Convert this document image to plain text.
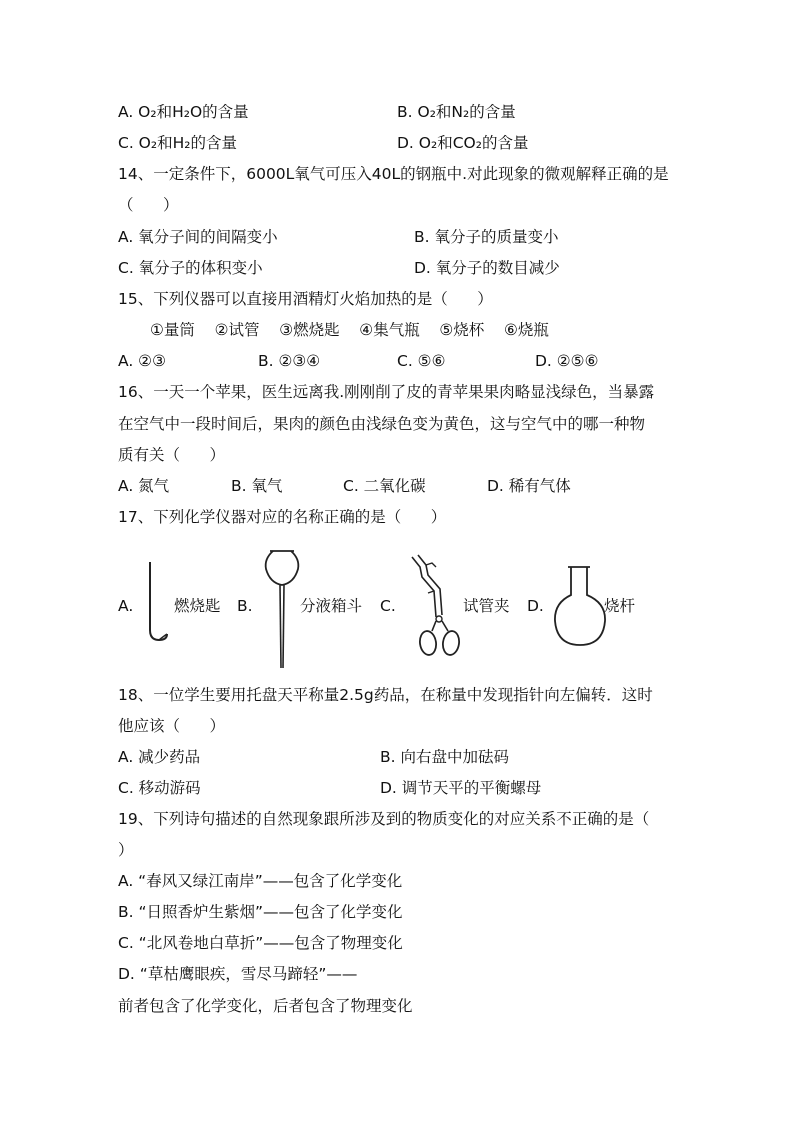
A. O₂和H₂O的含量	B. O₂和N₂的含量
C. O₂和H₂的含量	D. O₂和CO₂的含量
14、一定条件下，6000L氧气可压入40L的钢瓶中.对此现象的微观解释正确的是
（      ）
A. 氧分子间的间隔变小	B. 氧分子的质量变小
C. 氧分子的体积变小	D. 氧分子的数目减少
15、下列仪器可以直接用酒精灯火焰加热的是（      ）
①量筒    ②试管    ③燃烧匙    ④集气瓶    ⑤烧杯    ⑥烧瓶
A. ②③	B. ②③④	C. ⑤⑥	D. ②⑤⑥
16、一天一个苹果，医生远离我.刚刚削了皮的青苹果果肉略显浅绿色，当暴露
在空气中一段时间后，果肉的颜色由浅绿色变为黄色，这与空气中的哪一种物
质有关（      ）
A. 氮气	B. 氧气	C. 二氧化碳	D. 稀有气体
17、下列化学仪器对应的名称正确的是（      ）
A.	燃烧匙 B.	分液箱斗 C.	试管夹 D.	烧杆
18、一位学生要用托盘天平称量2.5g药品，在称量中发现指针向左偏转．这时
他应该（      ）
A. 减少药品	B. 向右盘中加砝码
C. 移动游码	D. 调节天平的平衡螺母
19、下列诗句描述的自然现象跟所涉及到的物质变化的对应关系不正确的是（
）
A. “春风又绿江南岸”——包含了化学变化
B. “日照香炉生紫烟”——包含了化学变化
C. “北风卷地白草折”——包含了物理变化
D. “草枯鹰眼疾，雪尽马蹄轻”——
前者包含了化学变化，后者包含了物理变化
